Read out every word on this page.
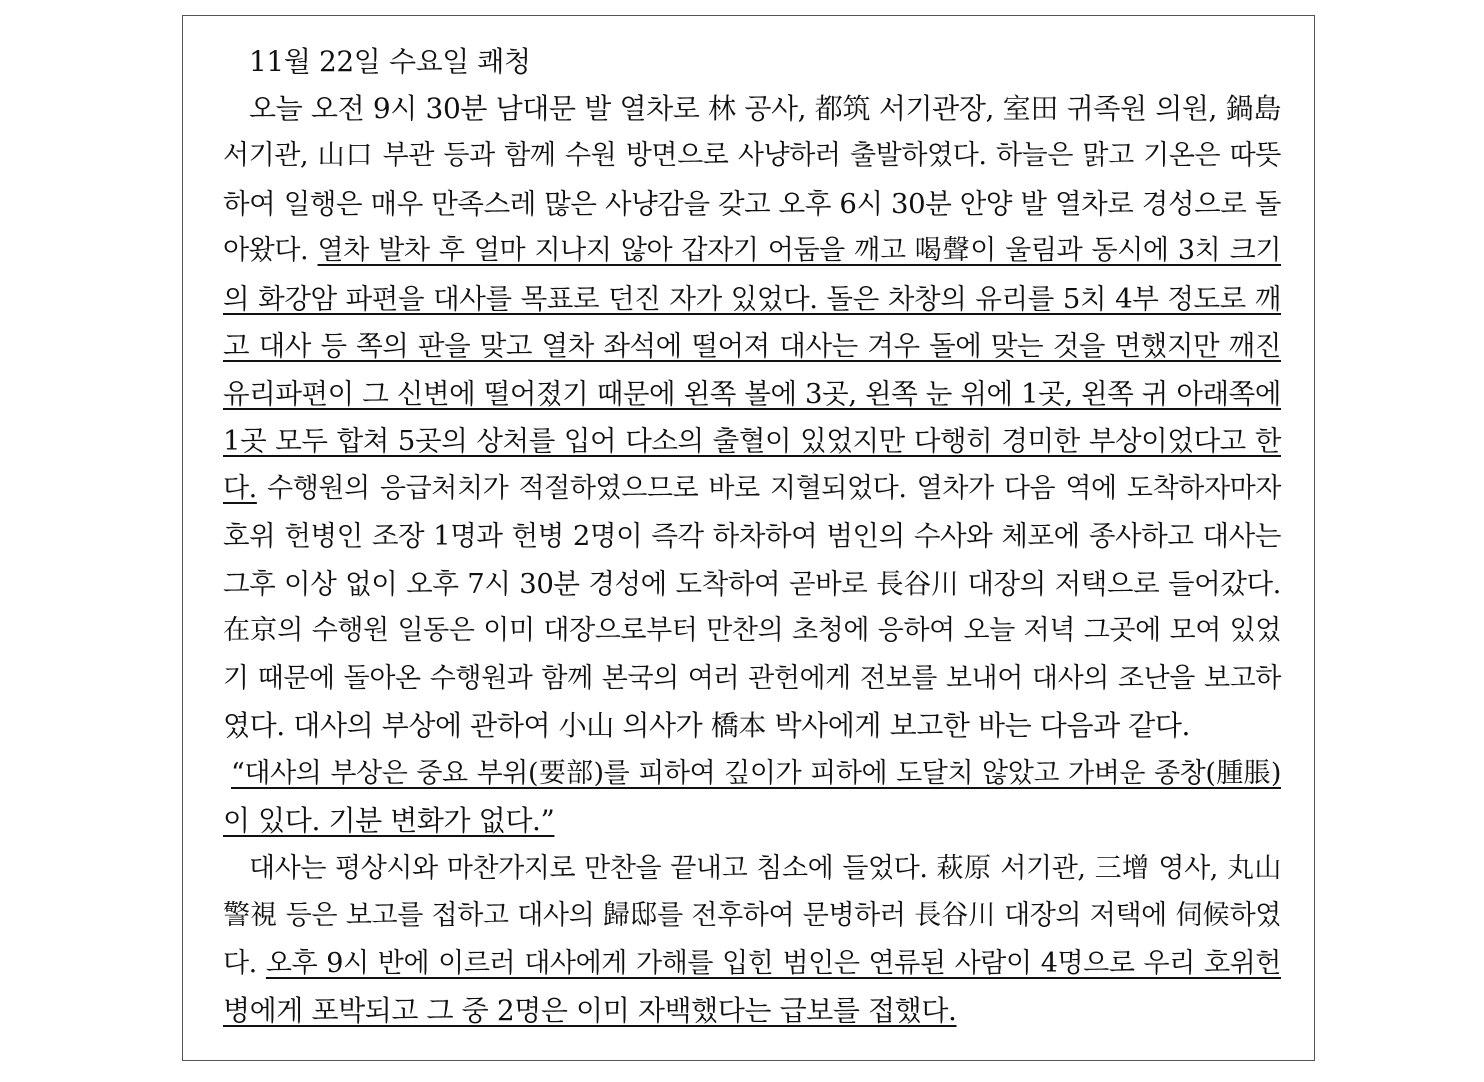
11월 22일 수요일 쾌청
오늘 오전 9시 30분 남대문 발 열차로 林 공사, 都筑 서기관장, 室田 귀족원 의원, 鍋島
서기관, 山口 부관 등과 함께 수원 방면으로 사냥하러 출발하였다. 하늘은 맑고 기온은 따뜻
하여 일행은 매우 만족스레 많은 사냥감을 갖고 오후 6시 30분 안양 발 열차로 경성으로 돌
아왔다. 열차 발차 후 얼마 지나지 않아 갑자기 어둠을 깨고 喝聲이 울림과 동시에 3치 크기
의 화강암 파편을 대사를 목표로 던진 자가 있었다. 돌은 차창의 유리를 5치 4부 정도로 깨
고 대사 등 쪽의 판을 맞고 열차 좌석에 떨어져 대사는 겨우 돌에 맞는 것을 면했지만 깨진
유리파편이 그 신변에 떨어졌기 때문에 왼쪽 볼에 3곳, 왼쪽 눈 위에 1곳, 왼쪽 귀 아래쪽에
1곳 모두 합쳐 5곳의 상처를 입어 다소의 출혈이 있었지만 다행히 경미한 부상이었다고 한
다. 수행원의 응급처치가 적절하였으므로 바로 지혈되었다. 열차가 다음 역에 도착하자마자
호위 헌병인 조장 1명과 헌병 2명이 즉각 하차하여 범인의 수사와 체포에 종사하고 대사는
그후 이상 없이 오후 7시 30분 경성에 도착하여 곧바로 長谷川 대장의 저택으로 들어갔다.
在京의 수행원 일동은 이미 대장으로부터 만찬의 초청에 응하여 오늘 저녁 그곳에 모여 있었
기 때문에 돌아온 수행원과 함께 본국의 여러 관헌에게 전보를 보내어 대사의 조난을 보고하
였다. 대사의 부상에 관하여 小山 의사가 橋本 박사에게 보고한 바는 다음과 같다.
“대사의 부상은 중요 부위(要部)를 피하여 깊이가 피하에 도달치 않았고 가벼운 종창(腫脹)
이 있다. 기분 변화가 없다.”
대사는 평상시와 마찬가지로 만찬을 끝내고 침소에 들었다. 萩原 서기관, 三增 영사, 丸山
警視 등은 보고를 접하고 대사의 歸邸를 전후하여 문병하러 長谷川 대장의 저택에 伺候하였
다. 오후 9시 반에 이르러 대사에게 가해를 입힌 범인은 연류된 사람이 4명으로 우리 호위헌
병에게 포박되고 그 중 2명은 이미 자백했다는 급보를 접했다.
